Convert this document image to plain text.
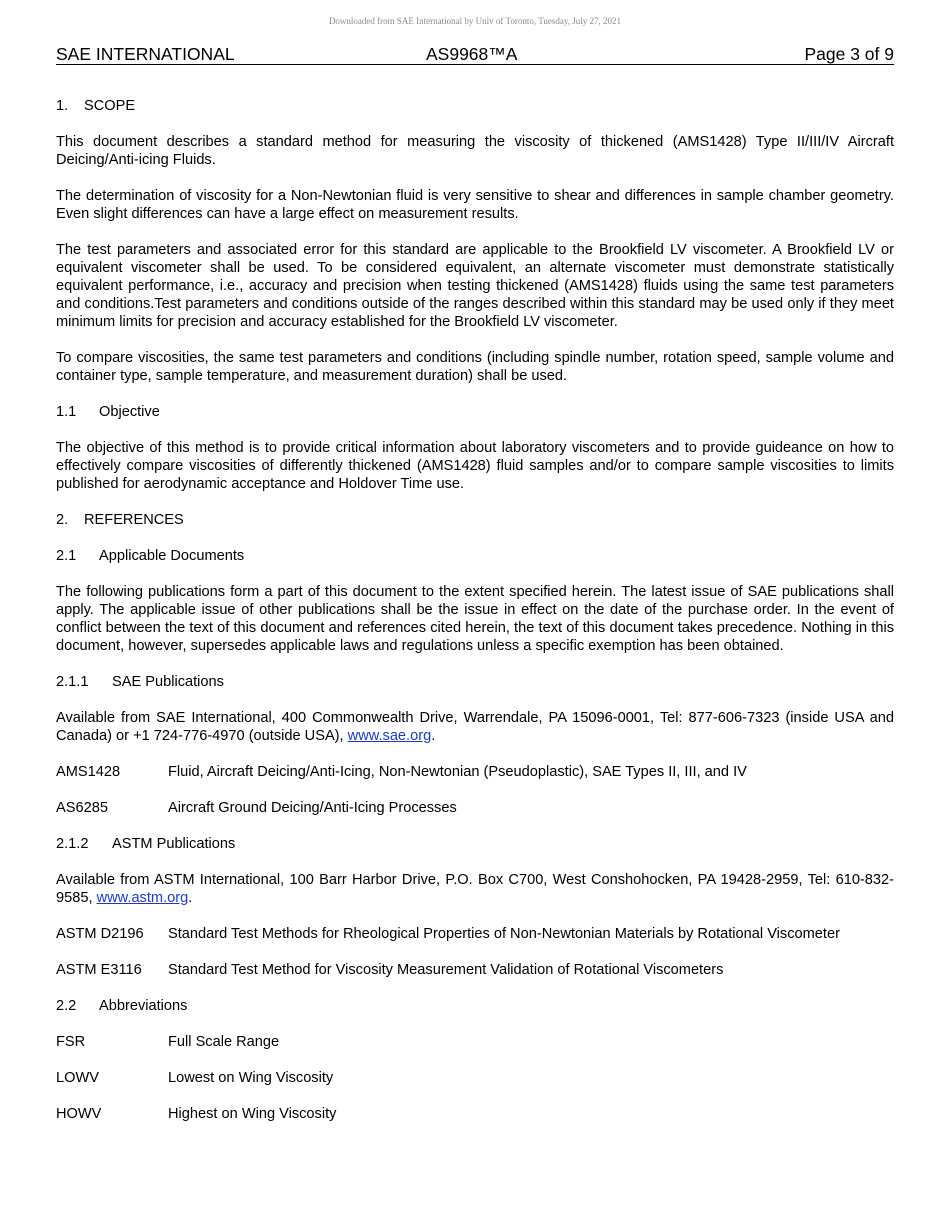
Downloaded from SAE International by Univ of Toronto, Tuesday, July 27, 2021
SAE INTERNATIONAL	AS9968™A	Page 3 of 9
1. SCOPE

This document describes a standard method for measuring the viscosity of thickened (AMS1428) Type II/III/IV Aircraft Deicing/Anti-icing Fluids.

The determination of viscosity for a Non-Newtonian fluid is very sensitive to shear and differences in sample chamber geometry. Even slight differences can have a large effect on measurement results.

The test parameters and associated error for this standard are applicable to the Brookfield LV viscometer. A Brookfield LV or equivalent viscometer shall be used. To be considered equivalent, an alternate viscometer must demonstrate statistically equivalent performance, i.e., accuracy and precision when testing thickened (AMS1428) fluids using the same test parameters and conditions.Test parameters and conditions outside of the ranges described within this standard may be used only if they meet minimum limits for precision and accuracy established for the Brookfield LV viscometer.

To compare viscosities, the same test parameters and conditions (including spindle number, rotation speed, sample volume and container type, sample temperature, and measurement duration) shall be used.

1.1 Objective

The objective of this method is to provide critical information about laboratory viscometers and to provide guideance on how to effectively compare viscosities of differently thickened (AMS1428) fluid samples and/or to compare sample viscosities to limits published for aerodynamic acceptance and Holdover Time use.

2. REFERENCES
2.1 Applicable Documents

The following publications form a part of this document to the extent specified herein. The latest issue of SAE publications shall apply. The applicable issue of other publications shall be the issue in effect on the date of the purchase order. In the event of conflict between the text of this document and references cited herein, the text of this document takes precedence. Nothing in this document, however, supersedes applicable laws and regulations unless a specific exemption has been obtained.

2.1.1 SAE Publications

Available from SAE International, 400 Commonwealth Drive, Warrendale, PA 15096-0001, Tel: 877-606-7323 (inside USA and Canada) or +1 724-776-4970 (outside USA), www.sae.org.

AMS1428	Fluid, Aircraft Deicing/Anti-Icing, Non-Newtonian (Pseudoplastic), SAE Types II, III, and IV
AS6285	Aircraft Ground Deicing/Anti-Icing Processes
2.1.2 ASTM Publications

Available from ASTM International, 100 Barr Harbor Drive, P.O. Box C700, West Conshohocken, PA 19428-2959, Tel: 610-832-9585, www.astm.org.

ASTM D2196	Standard Test Methods for Rheological Properties of Non-Newtonian Materials by Rotational Viscometer
ASTM E3116	Standard Test Method for Viscosity Measurement Validation of Rotational Viscometers
2.2 Abbreviations
FSR	Full Scale Range
LOWV	Lowest on Wing Viscosity
HOWV	Highest on Wing Viscosity
